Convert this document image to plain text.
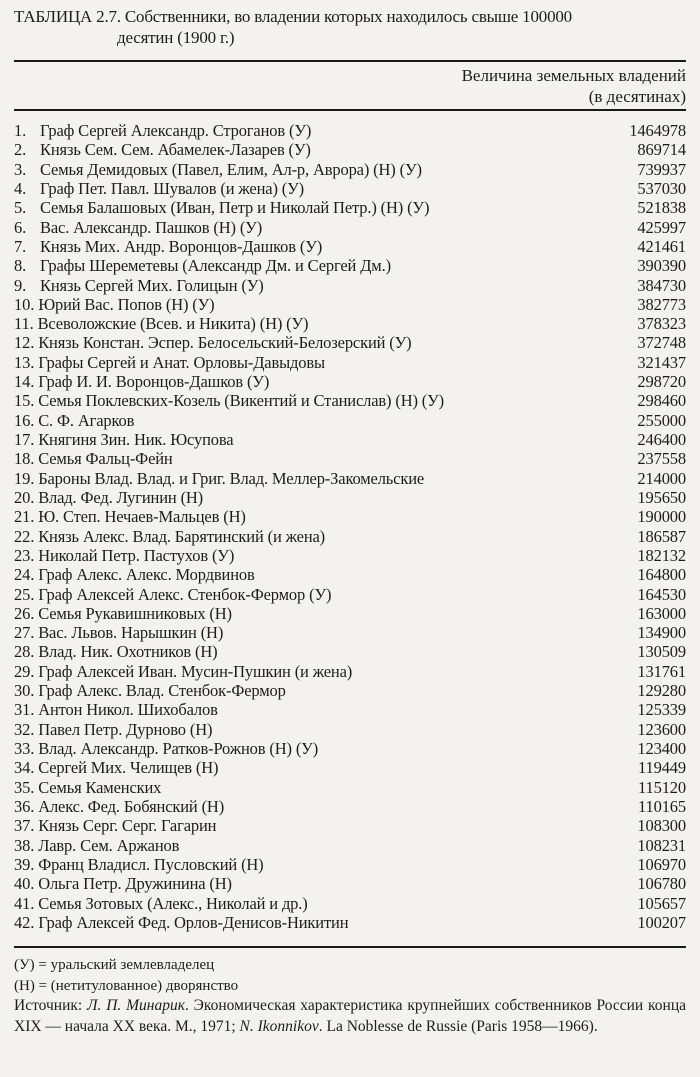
ТАБЛИЦА 2.7. Собственники, во владении которых находилось свыше 100000
десятин (1900 г.)
Величина земельных владений
(в десятинах)
1. Граф Сергей Александр. Строганов (У)	1464978
2. Князь Сем. Сем. Абамелек-Лазарев (У)	869714
3. Семья Демидовых (Павел, Елим, Ал-р, Аврора) (Н) (У)	739937
4. Граф Пет. Павл. Шувалов (и жена) (У)	537030
5. Семья Балашовых (Иван, Петр и Николай Петр.) (Н) (У)	521838
6. Вас. Александр. Пашков (Н) (У)	425997
7. Князь Мих. Андр. Воронцов-Дашков (У)	421461
8. Графы Шереметевы (Александр Дм. и Сергей Дм.)	390390
9. Князь Сергей Мих. Голицын (У)	384730
10. Юрий Вас. Попов (Н) (У)	382773
11. Всеволожские (Всев. и Никита) (Н) (У)	378323
12. Князь Констан. Эспер. Белосельский-Белозерский (У)	372748
13. Графы Сергей и Анат. Орловы-Давыдовы	321437
14. Граф И. И. Воронцов-Дашков (У)	298720
15. Семья Поклевских-Козель (Викентий и Станислав) (Н) (У)	298460
16. С. Ф. Агарков	255000
17. Княгиня Зин. Ник. Юсупова	246400
18. Семья Фальц-Фейн	237558
19. Бароны Влад. Влад. и Григ. Влад. Меллер-Закомельские	214000
20. Влад. Фед. Лугинин (Н)	195650
21. Ю. Степ. Нечаев-Мальцев (Н)	190000
22. Князь Алекс. Влад. Барятинский (и жена)	186587
23. Николай Петр. Пастухов (У)	182132
24. Граф Алекс. Алекс. Мордвинов	164800
25. Граф Алексей Алекс. Стенбок-Фермор (У)	164530
26. Семья Рукавишниковых (Н)	163000
27. Вас. Львов. Нарышкин (Н)	134900
28. Влад. Ник. Охотников (Н)	130509
29. Граф Алексей Иван. Мусин-Пушкин (и жена)	131761
30. Граф Алекс. Влад. Стенбок-Фермор	129280
31. Антон Никол. Шихобалов	125339
32. Павел Петр. Дурново (Н)	123600
33. Влад. Александр. Ратков-Рожнов (Н) (У)	123400
34. Сергей Мих. Челищев (Н)	119449
35. Семья Каменских	115120
36. Алекс. Фед. Бобянский (Н)	110165
37. Князь Серг. Серг. Гагарин	108300
38. Лавр. Сем. Аржанов	108231
39. Франц Владисл. Пусловский (Н)	106970
40. Ольга Петр. Дружинина (Н)	106780
41. Семья Зотовых (Алекс., Николай и др.)	105657
42. Граф Алексей Фед. Орлов-Денисов-Никитин	100207
(У) = уральский землевладелец
(Н) = (нетитулованное) дворянство
Источник: Л. П. Минарик. Экономическая характеристика крупнейших собственников России конца XIX — начала XX века. М., 1971; N. Ikonnikov. La Noblesse de Russie (Paris 1958—1966).
